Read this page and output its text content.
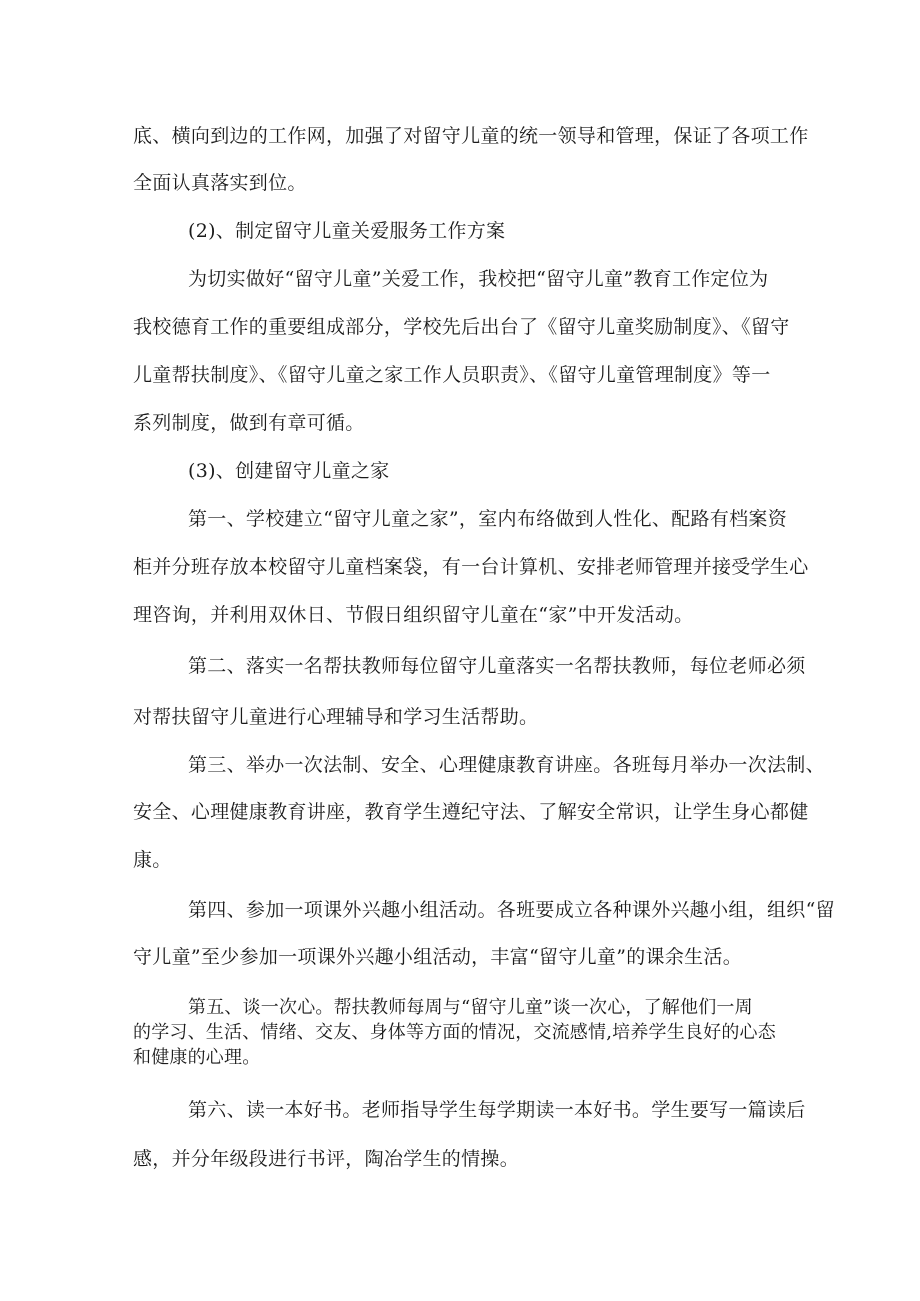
底、横向到边的工作网，加强了对留守儿童的统一领导和管理，保证了各项工作
全面认真落实到位。
(2)、制定留守儿童关爱服务工作方案
为切实做好“留守儿童”关爱工作，我校把“留守儿童”教育工作定位为
我校德育工作的重要组成部分，学校先后出台了《留守儿童奖励制度》、《留守
儿童帮扶制度》、《留守儿童之家工作人员职责》、《留守儿童管理制度》等一
系列制度，做到有章可循。
(3)、创建留守儿童之家
第一、学校建立“留守儿童之家”，室内布络做到人性化、配路有档案资
柜并分班存放本校留守儿童档案袋，有一台计算机、安排老师管理并接受学生心
理咨询，并利用双休日、节假日组织留守儿童在“家”中开发活动。
第二、落实一名帮扶教师每位留守儿童落实一名帮扶教师，每位老师必须
对帮扶留守儿童进行心理辅导和学习生活帮助。
第三、举办一次法制、安全、心理健康教育讲座。各班每月举办一次法制、
安全、心理健康教育讲座，教育学生遵纪守法、了解安全常识，让学生身心都健
康。
第四、参加一项课外兴趣小组活动。各班要成立各种课外兴趣小组，组织“留
守儿童”至少参加一项课外兴趣小组活动，丰富“留守儿童”的课余生活。
第五、谈一次心。帮扶教师每周与“留守儿童”谈一次心，了解他们一周
的学习、生活、情绪、交友、身体等方面的情况，交流感情,培养学生良好的心态
和健康的心理。
第六、读一本好书。老师指导学生每学期读一本好书。学生要写一篇读后
感，并分年级段进行书评，陶冶学生的情操。
